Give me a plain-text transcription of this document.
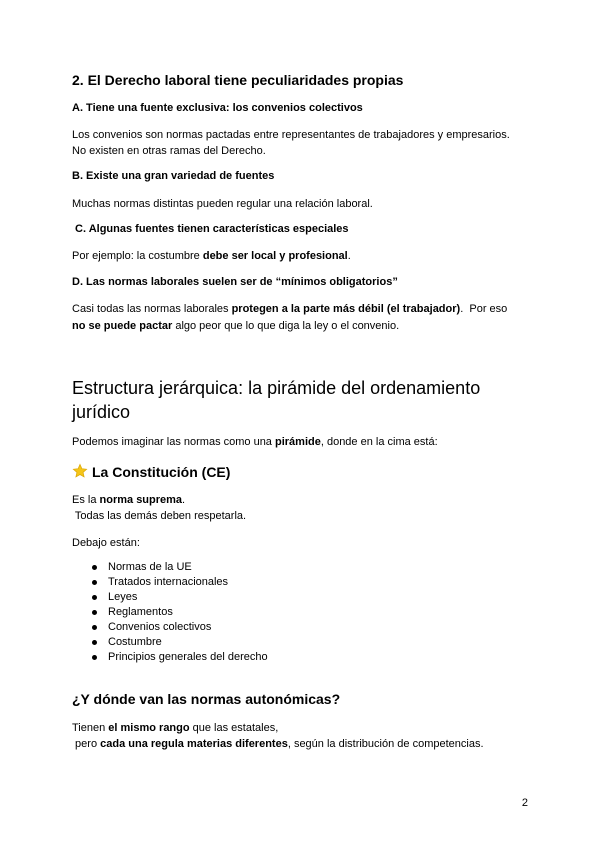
2. El Derecho laboral tiene peculiaridades propias
A. Tiene una fuente exclusiva: los convenios colectivos
Los convenios son normas pactadas entre representantes de trabajadores y empresarios.
No existen en otras ramas del Derecho.
B. Existe una gran variedad de fuentes
Muchas normas distintas pueden regular una relación laboral.
C. Algunas fuentes tienen características especiales
Por ejemplo: la costumbre debe ser local y profesional.
D. Las normas laborales suelen ser de “mínimos obligatorios”
Casi todas las normas laborales protegen a la parte más débil (el trabajador).  Por eso
no se puede pactar algo peor que lo que diga la ley o el convenio.
Estructura jerárquica: la pirámide del ordenamiento
jurídico
Podemos imaginar las normas como una pirámide, donde en la cima está:
La Constitución (CE)
Es la norma suprema.
Todas las demás deben respetarla.
Debajo están:
Normas de la UE
Tratados internacionales
Leyes
Reglamentos
Convenios colectivos
Costumbre
Principios generales del derecho
¿Y dónde van las normas autonómicas?
Tienen el mismo rango que las estatales,
pero cada una regula materias diferentes, según la distribución de competencias.
2
